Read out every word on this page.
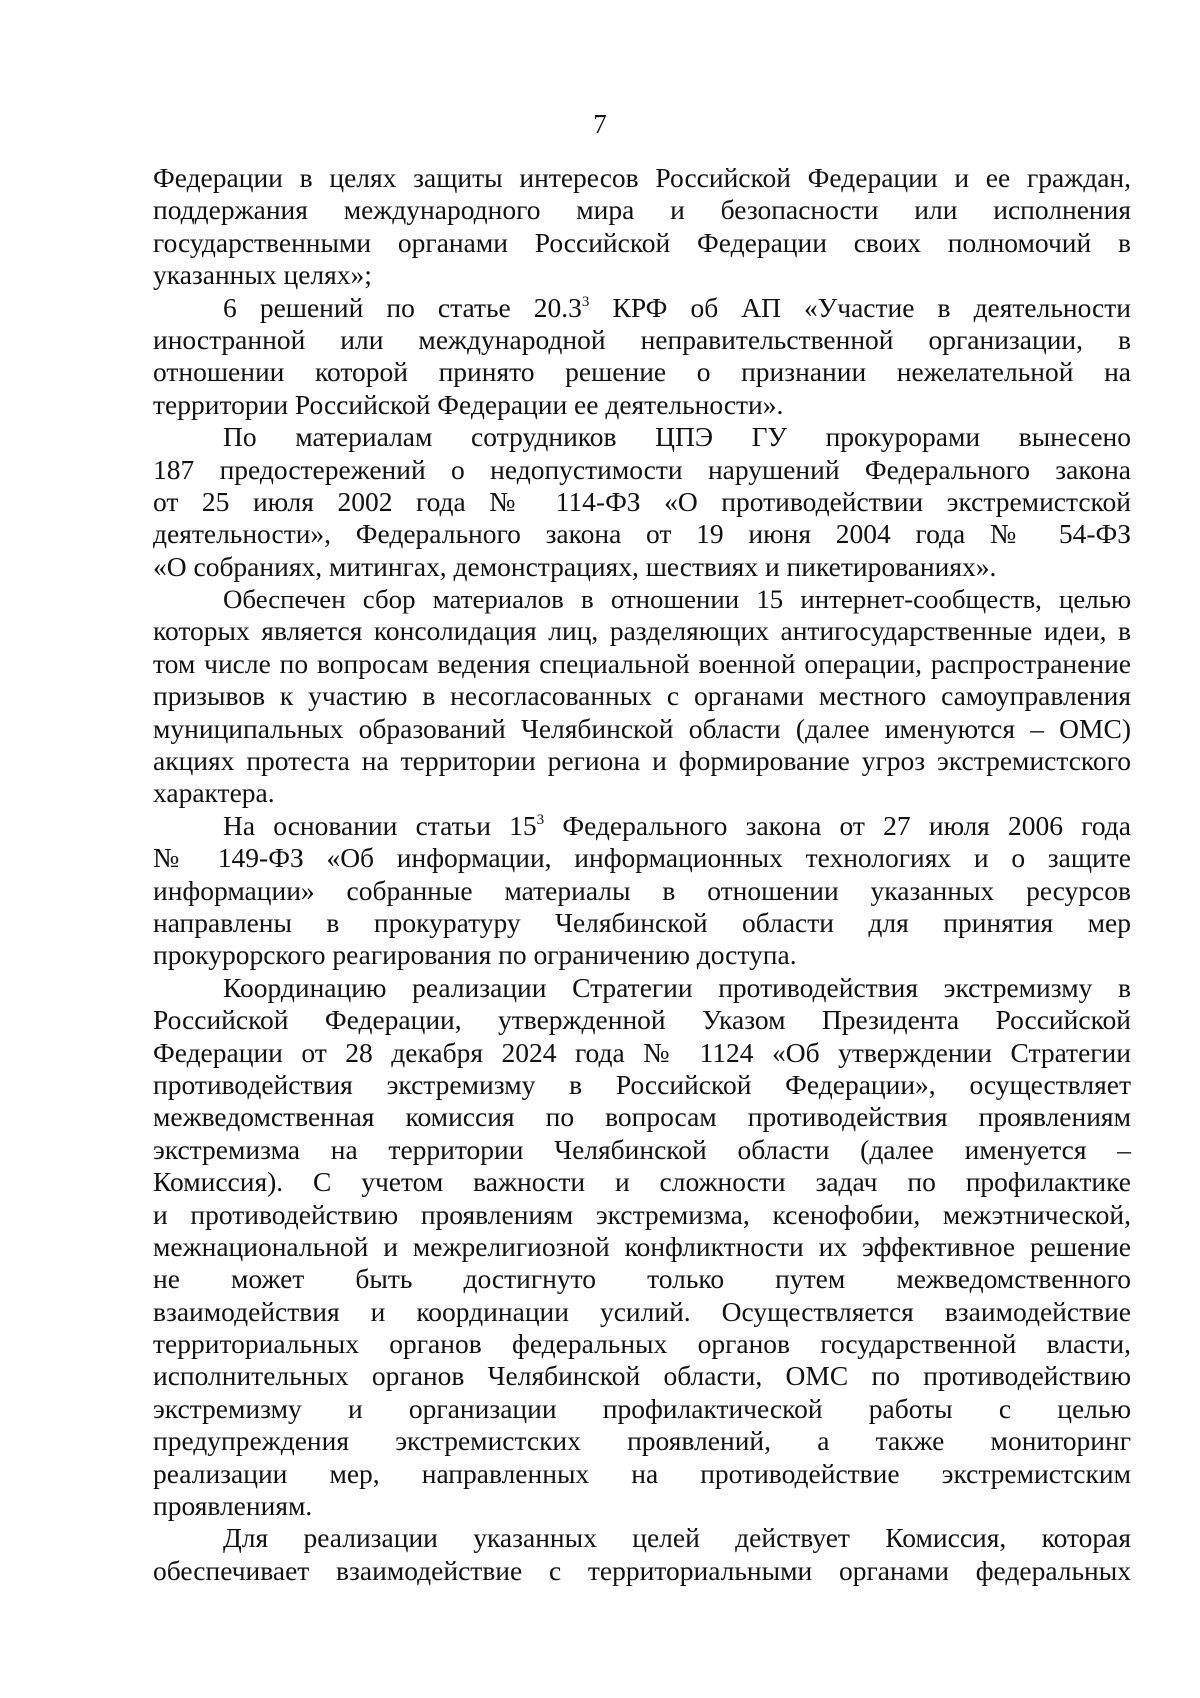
7
Федерации в целях защиты интересов Российской Федерации и ее граждан,
поддержания международного мира и безопасности или исполнения
государственными органами Российской Федерации своих полномочий в
указанных целях»;
6 решений по статье 20.3$^3$ КРФ об АП «Участие в деятельности
иностранной или международной неправительственной организации, в
отношении которой принято решение о признании нежелательной на
территории Российской Федерации ее деятельности».
По материалам сотрудников ЦПЭ ГУ прокурорами вынесено
187 предостережений о недопустимости нарушений Федерального закона
от 25 июля 2002 года № 114-ФЗ «О противодействии экстремистской
деятельности», Федерального закона от 19 июня 2004 года № 54-ФЗ
«О собраниях, митингах, демонстрациях, шествиях и пикетированиях».
Обеспечен сбор материалов в отношении 15 интернет-сообществ, целью
которых является консолидация лиц, разделяющих антигосударственные идеи, в
том числе по вопросам ведения специальной военной операции, распространение
призывов к участию в несогласованных с органами местного самоуправления
муниципальных образований Челябинской области (далее именуются – ОМС)
акциях протеста на территории региона и формирование угроз экстремистского
характера.
На основании статьи $15^3$ Федерального закона от 27 июля 2006 года
№ 149-ФЗ «Об информации, информационных технологиях и о защите
информации» собранные материалы в отношении указанных ресурсов
направлены в прокуратуру Челябинской области для принятия мер
прокурорского реагирования по ограничению доступа.
Координацию реализации Стратегии противодействия экстремизму в
Российской Федерации, утвержденной Указом Президента Российской
Федерации от 28 декабря 2024 года № 1124 «Об утверждении Стратегии
противодействия экстремизму в Российской Федерации», осуществляет
межведомственная комиссия по вопросам противодействия проявлениям
экстремизма на территории Челябинской области (далее именуется –
Комиссия). С учетом важности и сложности задач по профилактике
и противодействию проявлениям экстремизма, ксенофобии, межэтнической,
межнациональной и межрелигиозной конфликтности их эффективное решение
не может быть достигнуто только путем межведомственного
взаимодействия и координации усилий. Осуществляется взаимодействие
территориальных органов федеральных органов государственной власти,
исполнительных органов Челябинской области, ОМС по противодействию
экстремизму и организации профилактической работы с целью
предупреждения экстремистских проявлений, а также мониторинг
реализации мер, направленных на противодействие экстремистским
проявлениям.
Для реализации указанных целей действует Комиссия, которая
обеспечивает взаимодействие с территориальными органами федеральных
